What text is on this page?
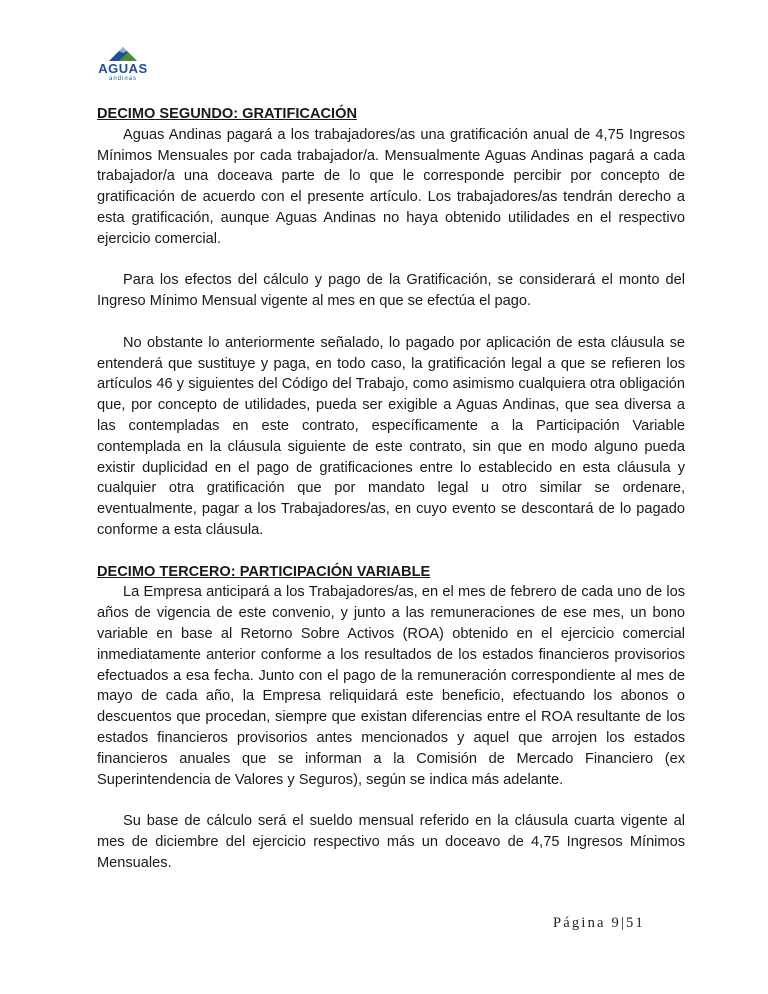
AGUAS
andinas

DECIMO SEGUNDO: GRATIFICACIÓN

Aguas Andinas pagará a los trabajadores/as una gratificación anual de 4,75 Ingresos Mínimos Mensuales por cada trabajador/a. Mensualmente Aguas Andinas pagará a cada trabajador/a una doceava parte de lo que le corresponde percibir por concepto de gratificación de acuerdo con el presente artículo. Los trabajadores/as tendrán derecho a esta gratificación, aunque Aguas Andinas no haya obtenido utilidades en el respectivo ejercicio comercial.

Para los efectos del cálculo y pago de la Gratificación, se considerará el monto del Ingreso Mínimo Mensual vigente al mes en que se efectúa el pago.

No obstante lo anteriormente señalado, lo pagado por aplicación de esta cláusula se entenderá que sustituye y paga, en todo caso, la gratificación legal a que se refieren los artículos 46 y siguientes del Código del Trabajo, como asimismo cualquiera otra obligación que, por concepto de utilidades, pueda ser exigible a Aguas Andinas, que sea diversa a las contempladas en este contrato, específicamente a la Participación Variable contemplada en la cláusula siguiente de este contrato, sin que en modo alguno pueda existir duplicidad en el pago de gratificaciones entre lo establecido en esta cláusula y cualquier otra gratificación que por mandato legal u otro similar se ordenare, eventualmente, pagar a los Trabajadores/as, en cuyo evento se descontará de lo pagado conforme a esta cláusula.

DECIMO TERCERO: PARTICIPACIÓN VARIABLE

La Empresa anticipará a los Trabajadores/as, en el mes de febrero de cada uno de los años de vigencia de este convenio, y junto a las remuneraciones de ese mes, un bono variable en base al Retorno Sobre Activos (ROA) obtenido en el ejercicio comercial inmediatamente anterior conforme a los resultados de los estados financieros provisorios efectuados a esa fecha. Junto con el pago de la remuneración correspondiente al mes de mayo de cada año, la Empresa reliquidará este beneficio, efectuando los abonos o descuentos que procedan, siempre que existan diferencias entre el ROA resultante de los estados financieros provisorios antes mencionados y aquel que arrojen los estados financieros anuales que se informan a la Comisión de Mercado Financiero (ex Superintendencia de Valores y Seguros), según se indica más adelante.

Su base de cálculo será el sueldo mensual referido en la cláusula cuarta vigente al mes de diciembre del ejercicio respectivo más un doceavo de 4,75 Ingresos Mínimos Mensuales.

Página 9|51
